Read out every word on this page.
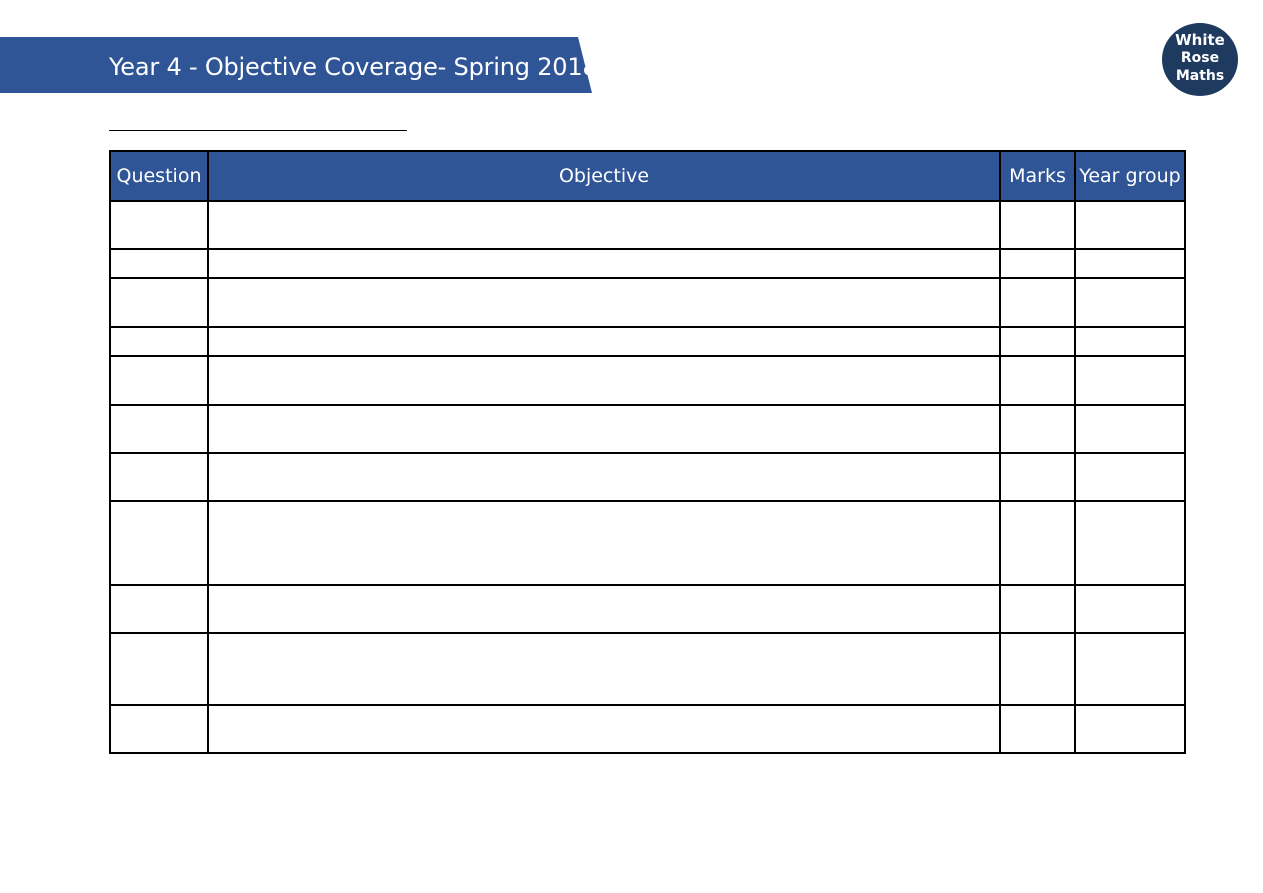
Year 4 - Objective Coverage- Spring 2018
White
Rose
Maths
Question	Objective	Marks	Year group
